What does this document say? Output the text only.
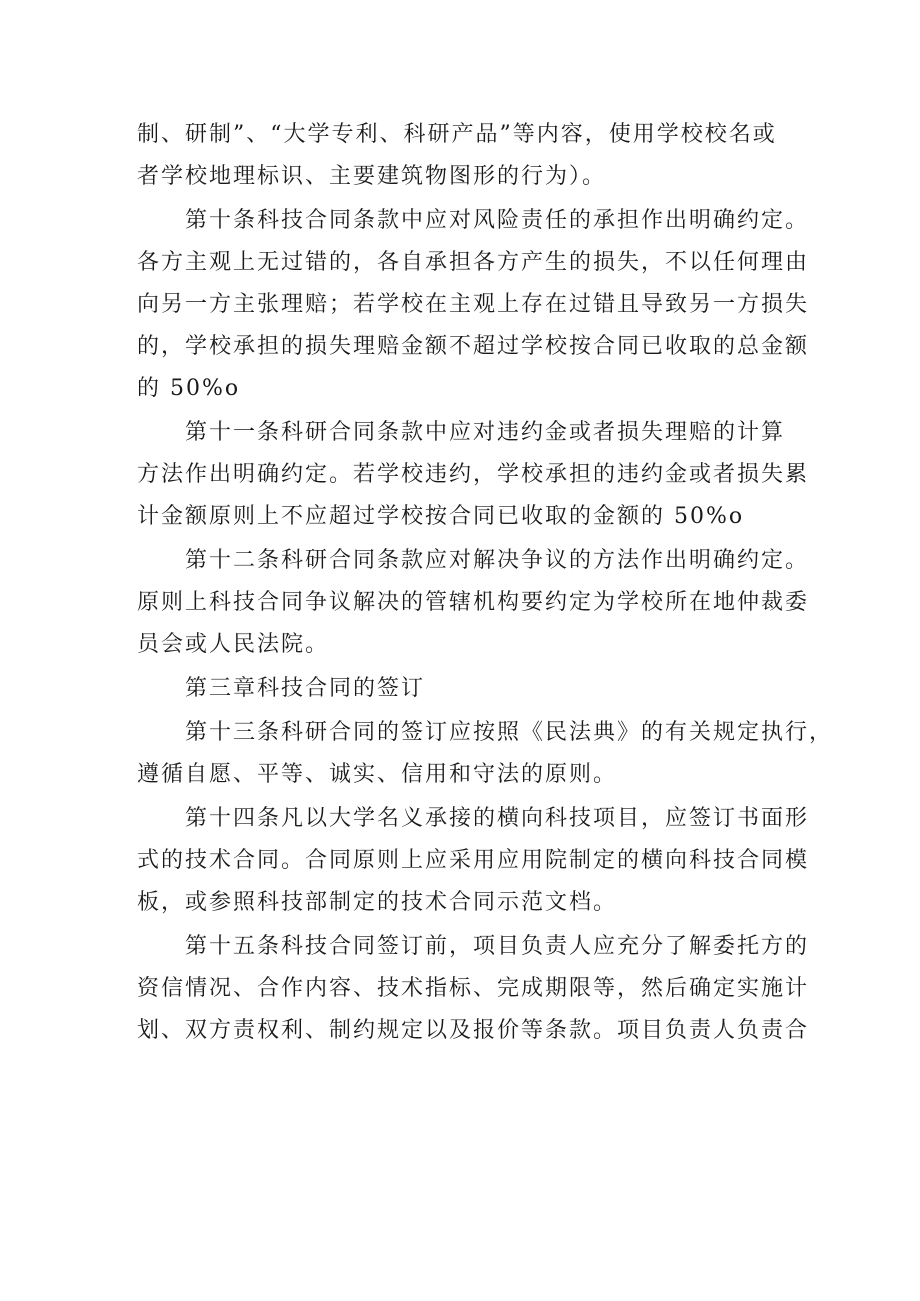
制、研制”、“大学专利、科研产品”等内容，使用学校校名或
者学校地理标识、主要建筑物图形的行为）。
第十条科技合同条款中应对风险责任的承担作出明确约定。
各方主观上无过错的，各自承担各方产生的损失，不以任何理由
向另一方主张理赔；若学校在主观上存在过错且导致另一方损失
的，学校承担的损失理赔金额不超过学校按合同已收取的总金额
的 50%o
第十一条科研合同条款中应对违约金或者损失理赔的计算
方法作出明确约定。若学校违约，学校承担的违约金或者损失累
计金额原则上不应超过学校按合同已收取的金额的 50%o
第十二条科研合同条款应对解决争议的方法作出明确约定。
原则上科技合同争议解决的管辖机构要约定为学校所在地仲裁委
员会或人民法院。
第三章科技合同的签订
第十三条科研合同的签订应按照《民法典》的有关规定执行，
遵循自愿、平等、诚实、信用和守法的原则。
第十四条凡以大学名义承接的横向科技项目，应签订书面形
式的技术合同。合同原则上应采用应用院制定的横向科技合同模
板，或参照科技部制定的技术合同示范文档。
第十五条科技合同签订前，项目负责人应充分了解委托方的
资信情况、合作内容、技术指标、完成期限等，然后确定实施计
划、双方责权利、制约规定以及报价等条款。项目负责人负责合
